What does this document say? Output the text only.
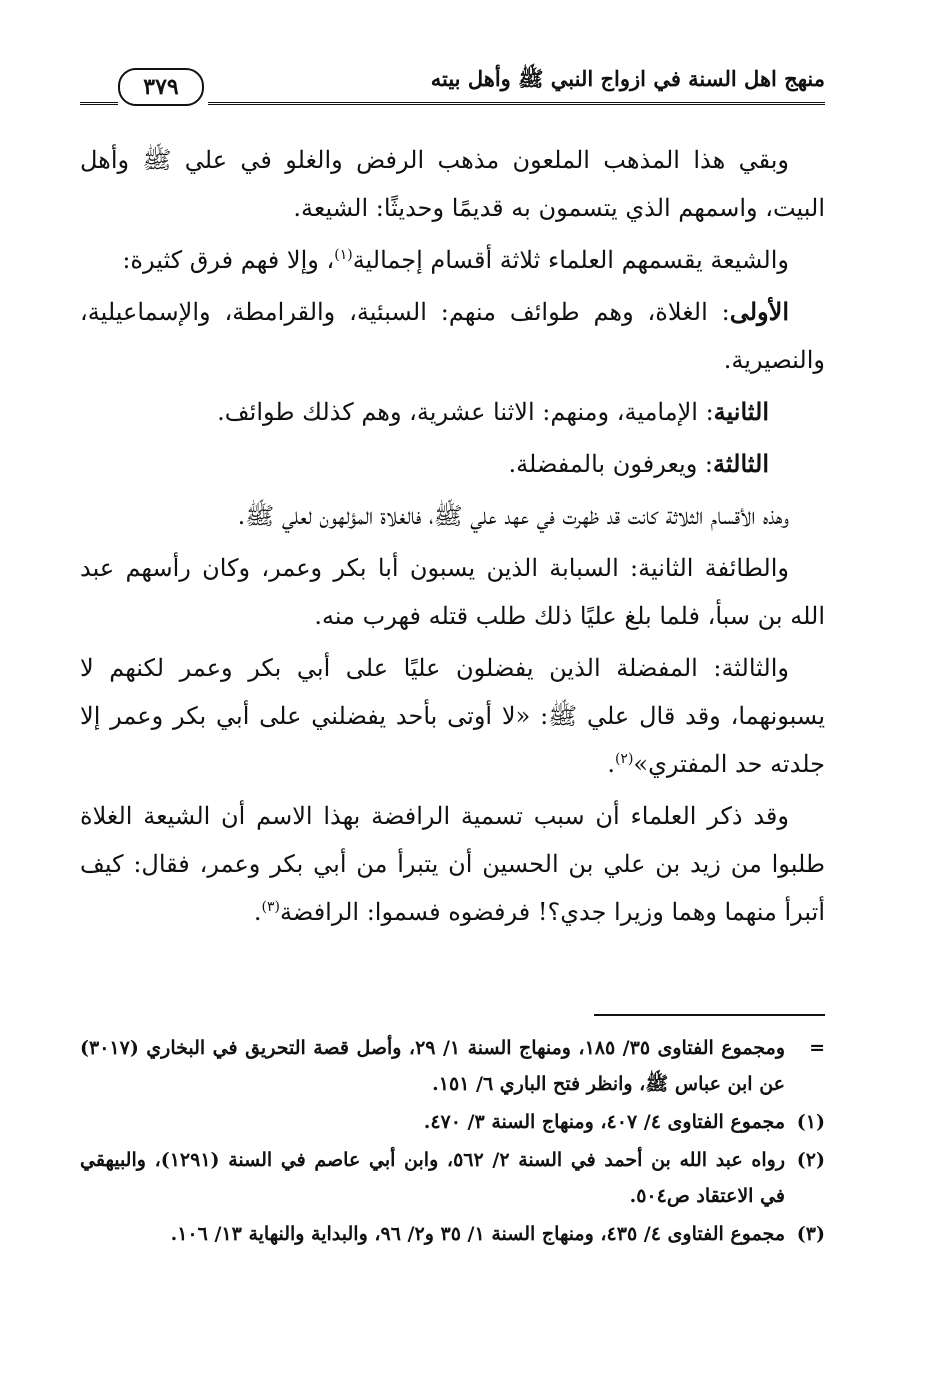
منهج اهل السنة في ازواج النبي ﷺ وأهل بيته
٣٧٩

وبقي هذا المذهب الملعون مذهب الرفض والغلو في علي ﷺ وأهل البيت، واسمهم الذي يتسمون به قديمًا وحديثًا: الشيعة.

والشيعة يقسمهم العلماء ثلاثة أقسام إجمالية$^{(١)}$، وإلا فهم فرق كثيرة:

الأولى: الغلاة، وهم طوائف منهم: السبئية، والقرامطة، والإسماعيلية، والنصيرية.

الثانية: الإمامية، ومنهم: الاثنا عشرية، وهم كذلك طوائف.

الثالثة: ويعرفون بالمفضلة.

وهذه الأقسام الثلاثة كانت قد ظهرت في عهد علي ﷺ، فالغلاة المؤلهون لعلي ﷺ.

والطائفة الثانية: السبابة الذين يسبون أبا بكر وعمر، وكان رأسهم عبد الله بن سبأ، فلما بلغ عليًا ذلك طلب قتله فهرب منه.

والثالثة: المفضلة الذين يفضلون عليًا على أبي بكر وعمر لكنهم لا يسبونهما، وقد قال علي ﷺ: «لا أوتى بأحد يفضلني على أبي بكر وعمر إلا جلدته حد المفتري»$^{(٢)}$.

وقد ذكر العلماء أن سبب تسمية الرافضة بهذا الاسم أن الشيعة الغلاة طلبوا من زيد بن علي بن الحسين أن يتبرأ من أبي بكر وعمر، فقال: كيف أتبرأ منهما وهما وزيرا جدي؟! فرفضوه فسموا: الرافضة$^{(٣)}$.

=
ومجموع الفتاوى ٣٥/ ١٨٥، ومنهاج السنة ١/ ٢٩، وأصل قصة التحريق في البخاري (٣٠١٧) عن ابن عباس ﷺ، وانظر فتح الباري ٦/ ١٥١.
(١)
مجموع الفتاوى ٤/ ٤٠٧، ومنهاج السنة ٣/ ٤٧٠.
(٢)
رواه عبد الله بن أحمد في السنة ٢/ ٥٦٢، وابن أبي عاصم في السنة (١٢٩١)، والبيهقي في الاعتقاد ص٥٠٤.
(٣)
مجموع الفتاوى ٤/ ٤٣٥، ومنهاج السنة ١/ ٣٥ و٢/ ٩٦، والبداية والنهاية ١٣/ ١٠٦.
